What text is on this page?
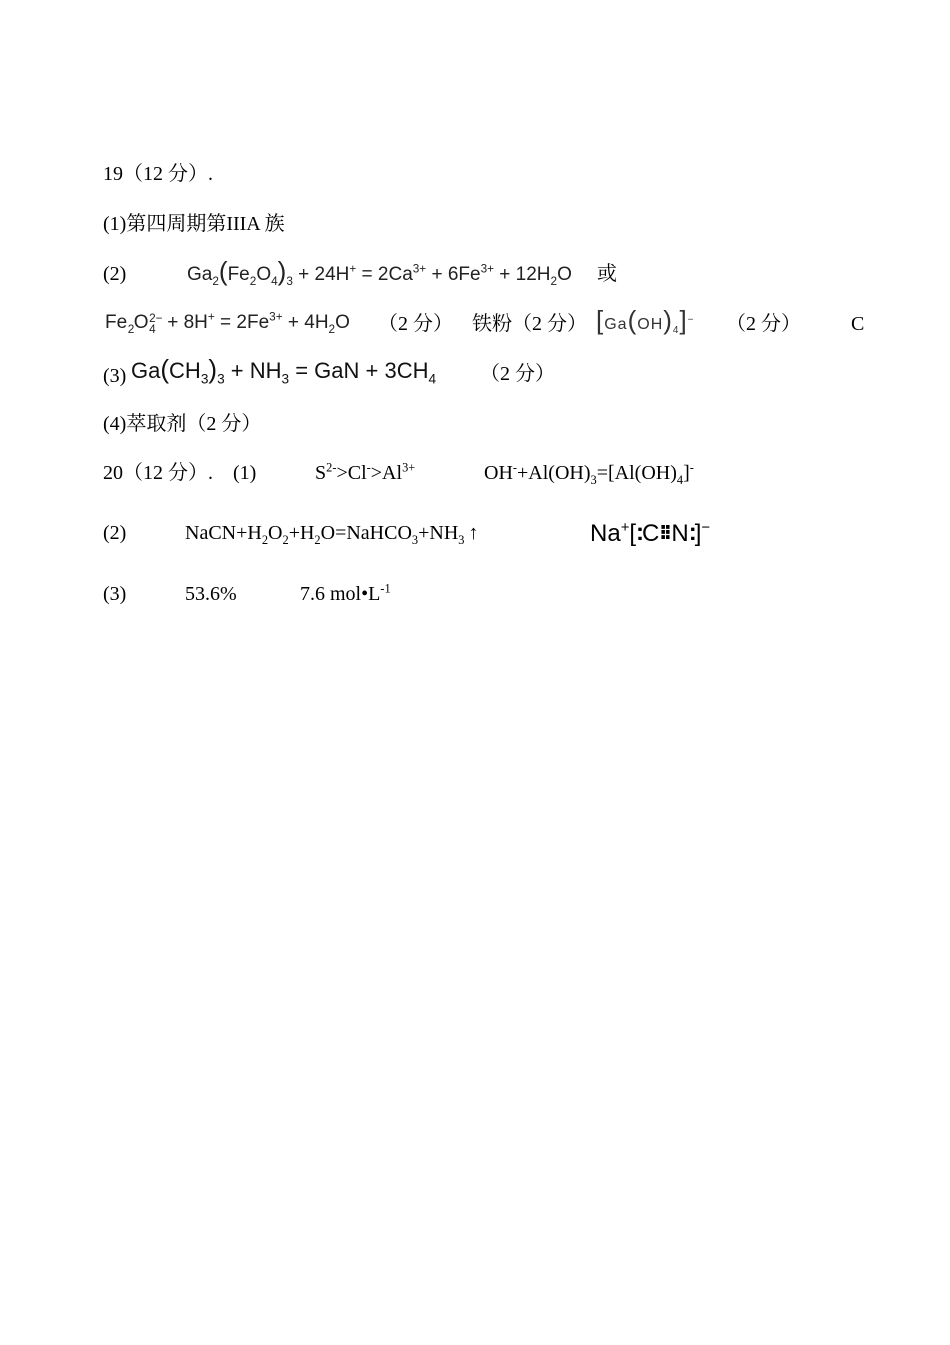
19（12 分）.
(1)第四周期第IIIA 族
(2)	$Ga_2(Fe_2O_4)_3 + 24H^+ = 2Ca^{3+} + 6Fe^{3+} + 12H_2O$ 或
Fe 2 O 2−
$4 + 8H^+ = 2Fe^{3+} + 4H_2O$ （2 分） 铁粉 （2 分） $[Ga(OH)_4]^-$ （2 分）	C
(3) $Ga(CH_3)_3 + NH_3$ = GaN + $3CH_4$ （2 分）
(4)萃取剂（2 分）
20（12 分）. (1)	$S^{2-}>Cl^->Al^{3+}$	$OH^-+Al(OH)_3=[Al(OH)_4]^-$
(2)	$NaCN+H_2O_2+H_2O=NaHCO_3+NH_3$ ↑	Na+[:C⁝⁝ N:]−
(3)	53.6%	7.6 $mol•L^{-1}$
